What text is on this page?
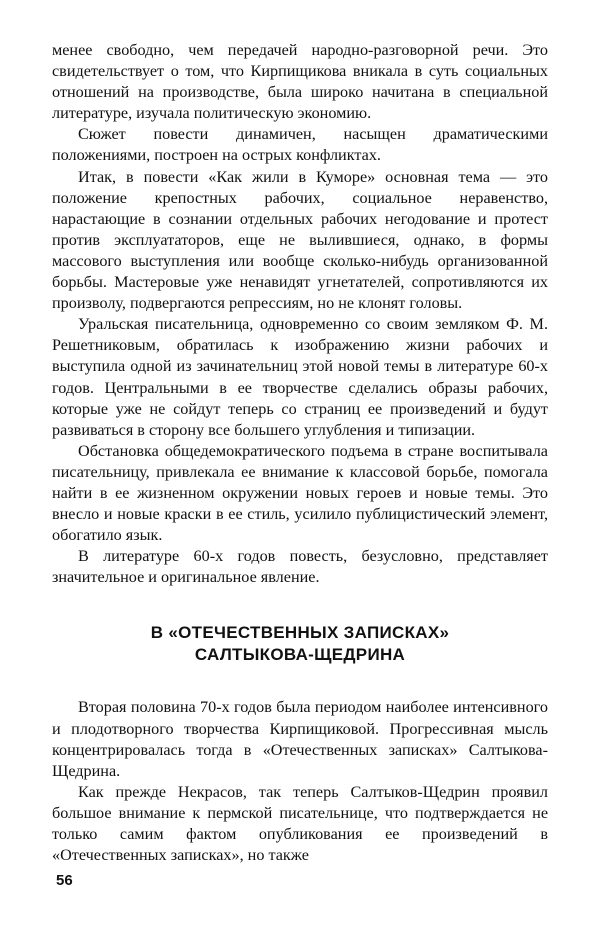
менее свободно, чем передачей народно-разговорной речи. Это свидетельствует о том, что Кирпищикова вникала в суть социальных отношений на производстве, была широко начитана в специальной литературе, изучала политическую экономию.

Сюжет повести динамичен, насыщен драматическими положениями, построен на острых конфликтах.

Итак, в повести «Как жили в Куморе» основная тема — это положение крепостных рабочих, социальное неравенство, нарастающие в сознании отдельных рабочих негодование и протест против эксплуататоров, еще не вылившиеся, однако, в формы массового выступления или вообще сколько-нибудь организованной борьбы. Мастеровые уже ненавидят угнетателей, сопротивляются их произволу, подвергаются репрессиям, но не клонят головы.

Уральская писательница, одновременно со своим земляком Ф. М. Решетниковым, обратилась к изображению жизни рабочих и выступила одной из зачинательниц этой новой темы в литературе 60-х годов. Центральными в ее творчестве сделались образы рабочих, которые уже не сойдут теперь со страниц ее произведений и будут развиваться в сторону все большего углубления и типизации.

Обстановка общедемократического подъема в стране воспитывала писательницу, привлекала ее внимание к классовой борьбе, помогала найти в ее жизненном окружении новых героев и новые темы. Это внесло и новые краски в ее стиль, усилило публицистический элемент, обогатило язык.

В литературе 60-х годов повесть, безусловно, представляет значительное и оригинальное явление.

В «ОТЕЧЕСТВЕННЫХ ЗАПИСКАХ»
САЛТЫКОВА-ЩЕДРИНА

Вторая половина 70-х годов была периодом наиболее интенсивного и плодотворного творчества Кирпищиковой. Прогрессивная мысль концентрировалась тогда в «Отечественных записках» Салтыкова-Щедрина.

Как прежде Некрасов, так теперь Салтыков-Щедрин проявил большое внимание к пермской писательнице, что подтверждается не только самим фактом опубликования ее произведений в «Отечественных записках», но также

56
